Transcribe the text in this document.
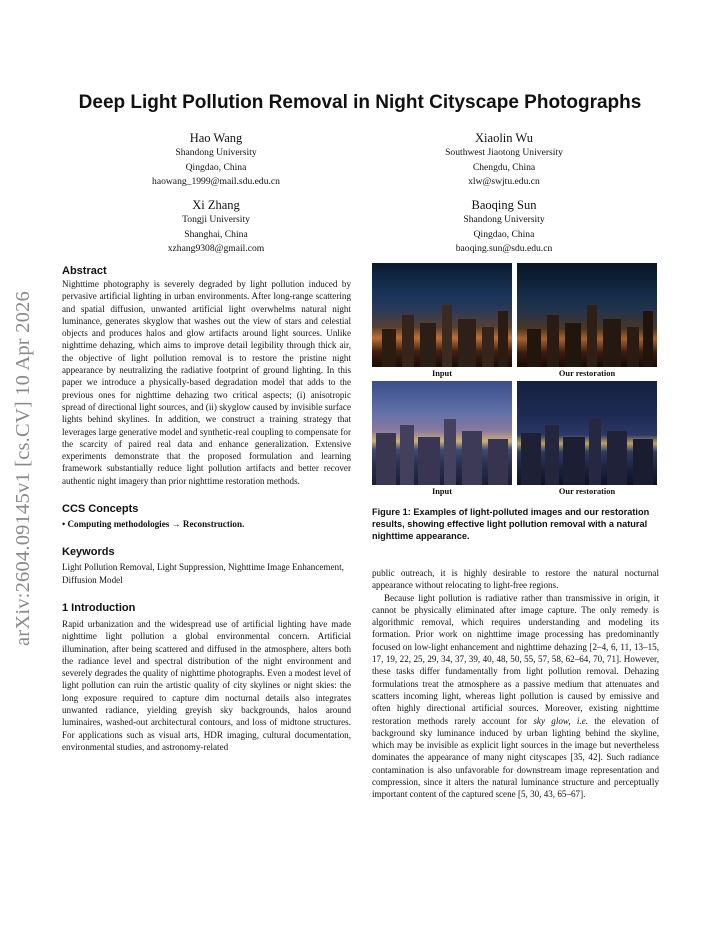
arXiv:2604.09145v1 [cs.CV] 10 Apr 2026
Deep Light Pollution Removal in Night Cityscape Photographs
Hao Wang
Shandong University
Qingdao, China
haowang_1999@mail.sdu.edu.cn
Xiaolin Wu
Southwest Jiaotong University
Chengdu, China
xlw@swjtu.edu.cn
Xi Zhang
Tongji University
Shanghai, China
xzhang9308@gmail.com
Baoqing Sun
Shandong University
Qingdao, China
baoqing.sun@sdu.edu.cn
Abstract

Nighttime photography is severely degraded by light pollution induced by pervasive artificial lighting in urban environments. After long-range scattering and spatial diffusion, unwanted artificial light overwhelms natural night luminance, generates skyglow that washes out the view of stars and celestial objects and produces halos and glow artifacts around light sources. Unlike nighttime dehazing, which aims to improve detail legibility through thick air, the objective of light pollution removal is to restore the pristine night appearance by neutralizing the radiative footprint of ground lighting. In this paper we introduce a physically-based degradation model that adds to the previous ones for nighttime dehazing two critical aspects; (i) anisotropic spread of directional light sources, and (ii) skyglow caused by invisible surface lights behind skylines. In addition, we construct a training strategy that leverages large generative model and synthetic-real coupling to compensate for the scarcity of paired real data and enhance generalization. Extensive experiments demonstrate that the proposed formulation and learning framework substantially reduce light pollution artifacts and better recover authentic night imagery than prior nighttime restoration methods.

CCS Concepts
• Computing methodologies → Reconstruction.
Keywords

Light Pollution Removal, Light Suppression, Nighttime Image Enhancement, Diffusion Model

1 Introduction

Rapid urbanization and the widespread use of artificial lighting have made nighttime light pollution a global environmental concern. Artificial illumination, after being scattered and diffused in the atmosphere, alters both the radiance level and spectral distribution of the night environment and severely degrades the quality of nighttime photographs. Even a modest level of light pollution can ruin the artistic quality of city skylines or night skies: the long exposure required to capture dim nocturnal details also integrates unwanted radiance, yielding greyish sky backgrounds, halos around luminaires, washed-out architectural contours, and loss of midtone structures. For applications such as visual arts, HDR imaging, cultural documentation, environmental studies, and astronomy-related

Input	Our restoration
Input	Our restoration
Figure 1: Examples of light-polluted images and our restoration results, showing effective light pollution removal with a natural nighttime appearance.

public outreach, it is highly desirable to restore the natural nocturnal appearance without relocating to light-free regions.

Because light pollution is radiative rather than transmissive in origin, it cannot be physically eliminated after image capture. The only remedy is algorithmic removal, which requires understanding and modeling its formation. Prior work on nighttime image processing has predominantly focused on low-light enhancement and nighttime dehazing [2–4, 6, 11, 13–15, 17, 19, 22, 25, 29, 34, 37, 39, 40, 48, 50, 55, 57, 58, 62–64, 70, 71]. However, these tasks differ fundamentally from light pollution removal. Dehazing formulations treat the atmosphere as a passive medium that attenuates and scatters incoming light, whereas light pollution is caused by emissive and often highly directional artificial sources. Moreover, existing nighttime restoration methods rarely account for sky glow, i.e. the elevation of background sky luminance induced by urban lighting behind the skyline, which may be invisible as explicit light sources in the image but nevertheless dominates the appearance of many night cityscapes [35, 42]. Such radiance contamination is also unfavorable for downstream image representation and compression, since it alters the natural luminance structure and perceptually important content of the captured scene [5, 30, 43, 65–67].
